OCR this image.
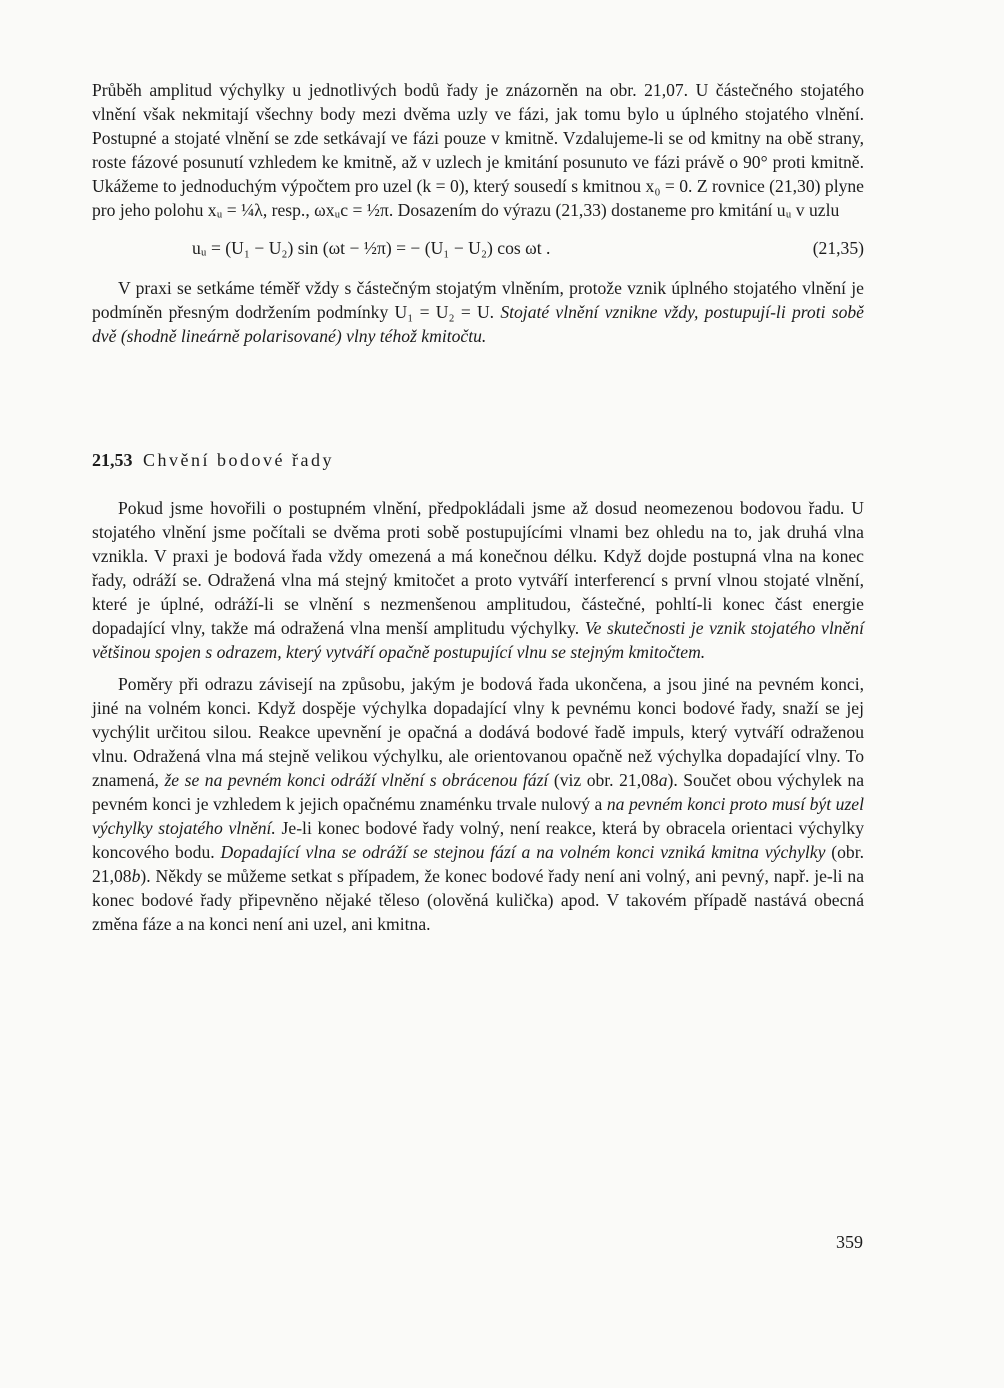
Průběh amplitud výchylky u jednotlivých bodů řady je znázorněn na obr. 21,07. U částečného stojatého vlnění však nekmitají všechny body mezi dvěma uzly ve fázi, jak tomu bylo u úplného stojatého vlnění. Postupné a stojaté vlnění se zde setkávají ve fázi pouze v kmitně. Vzdalujeme-li se od kmitny na obě strany, roste fázové posunutí vzhledem ke kmitně, až v uzlech je kmitání posunuto ve fázi právě o 90° proti kmitně. Ukážeme to jednoduchým výpočtem pro uzel (k = 0), který sousedí s kmitnou x₀ = 0. Z rovnice (21,30) plyne pro jeho polohu xᵤ = ¼λ, resp., ωxᵤc = ½π. Dosazením do výrazu (21,33) dostaneme pro kmitání uᵤ v uzlu

uᵤ = (U₁ − U₂) sin (ωt − ½π) = − (U₁ − U₂) cos ωt .	(21,35)

V praxi se setkáme téměř vždy s částečným stojatým vlněním, protože vznik úplného stojatého vlnění je podmíněn přesným dodržením podmínky U₁ = U₂ = U. Stojaté vlnění vzniknе vždy, postupují-li proti sobě dvě (shodně lineárně polarisované) vlny téhož kmitočtu.

21,53 Chvění bodové řady

Pokud jsme hovořili o postupném vlnění, předpokládali jsme až dosud neomezenou bodovou řadu. U stojatého vlnění jsme počítali se dvěma proti sobě postupujícími vlnami bez ohledu na to, jak druhá vlna vznikla. V praxi je bodová řada vždy omezená a má konečnou délku. Když dojde postupná vlna na konec řady, odráží se. Odražená vlna má stejný kmitočet a proto vytváří interferencí s první vlnou stojaté vlnění, které je úplné, odráží-li se vlnění s nezmenšenou amplitudou, částečné, pohltí-li konec část energie dopadající vlny, takže má odražená vlna menší amplitudu výchylky. Ve skutečnosti je vznik stojatého vlnění většinou spojen s odrazem, který vytváří opačně postupující vlnu se stejným kmitočtem.

Poměry při odrazu závisejí na způsobu, jakým je bodová řada ukončena, a jsou jiné na pevném konci, jiné na volném konci. Když dospěje výchylka dopadající vlny k pevnému konci bodové řady, snaží se jej vychýlit určitou silou. Reakce upevnění je opačná a dodává bodové řadě impuls, který vytváří odraženou vlnu. Odražená vlna má stejně velikou výchylku, ale orientovanou opačně než výchylka dopadající vlny. To znamená, že se na pevném konci odráží vlnění s obrácenou fází (viz obr. 21,08a). Součet obou výchylek na pevném konci je vzhledem k jejich opačnému znaménku trvale nulový a na pevném konci proto musí být uzel výchylky stojatého vlnění. Je-li konec bodové řady volný, není reakce, která by obracela orientaci výchylky koncového bodu. Dopadající vlna se odráží se stejnou fází a na volném konci vzniká kmitna výchylky (obr. 21,08b). Někdy se můžeme setkat s případem, že konec bodové řady není ani volný, ani pevný, např. je-li na konec bodové řady připevněno nějaké těleso (olověná kulička) apod. V takovém případě nastává obecná změna fáze a na konci není ani uzel, ani kmitna.

359
